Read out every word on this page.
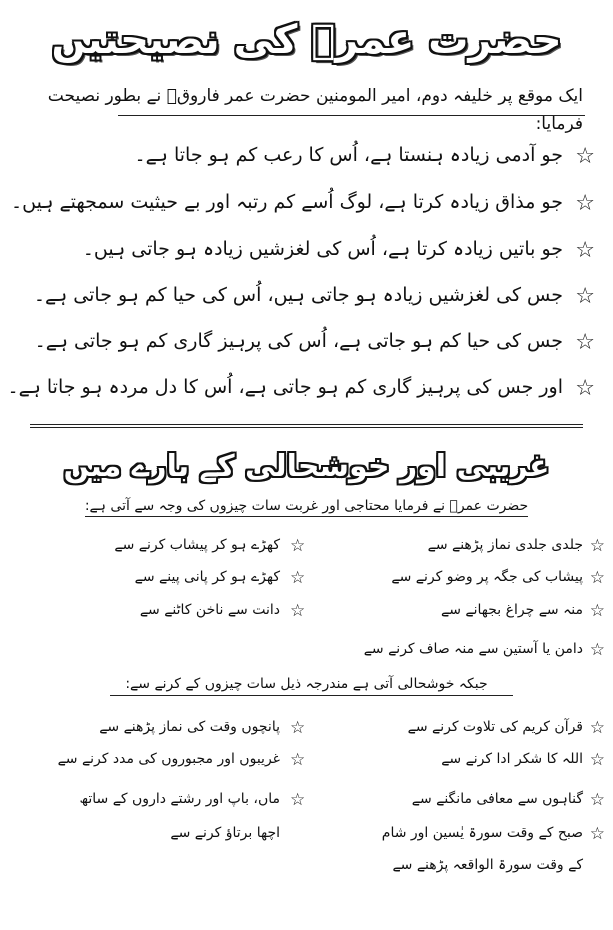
حضرت عمرؓ کی نصیحتیں
ایک موقع پر خلیفہ دوم، امیر المومنین حضرت عمر فاروقؓ نے بطور نصیحت فرمایا:
☆
جو آدمی زیادہ ہنستا ہے، اُس کا رعب کم ہو جاتا ہے۔
☆
جو مذاق زیادہ کرتا ہے، لوگ اُسے کم رتبہ اور بے حیثیت سمجھتے ہیں۔
☆
جو باتیں زیادہ کرتا ہے، اُس کی لغزشیں زیادہ ہو جاتی ہیں۔
☆
جس کی لغزشیں زیادہ ہو جاتی ہیں، اُس کی حیا کم ہو جاتی ہے۔
☆
جس کی حیا کم ہو جاتی ہے، اُس کی پرہیز گاری کم ہو جاتی ہے۔
☆
اور جس کی پرہیز گاری کم ہو جاتی ہے، اُس کا دل مردہ ہو جاتا ہے۔
غریبی اور خوشحالی کے بارے میں
حضرت عمرؓ نے فرمایا محتاجی اور غربت سات چیزوں کی وجہ سے آتی ہے:
☆
جلدی جلدی نماز پڑھنے سے
☆
پیشاب کی جگہ پر وضو کرنے سے
☆
منہ سے چراغ بجھانے سے
☆
دامن یا آستین سے منہ صاف کرنے سے
☆
کھڑے ہو کر پیشاب کرنے سے
☆
کھڑے ہو کر پانی پینے سے
☆
دانت سے ناخن کاٹنے سے
جبکہ خوشحالی آتی ہے مندرجہ ذیل سات چیزوں کے کرنے سے:
☆
قرآن کریم کی تلاوت کرنے سے
☆
اللہ کا شکر ادا کرنے سے
☆
گناہوں سے معافی مانگنے سے
☆
صبح کے وقت سورۃ یٰسین اور شام
کے وقت سورۃ الواقعہ پڑھنے سے
☆
پانچوں وقت کی نماز پڑھنے سے
☆
غریبوں اور مجبوروں کی مدد کرنے سے
☆
ماں، باپ اور رشتے داروں کے ساتھ
اچھا برتاؤ کرنے سے
